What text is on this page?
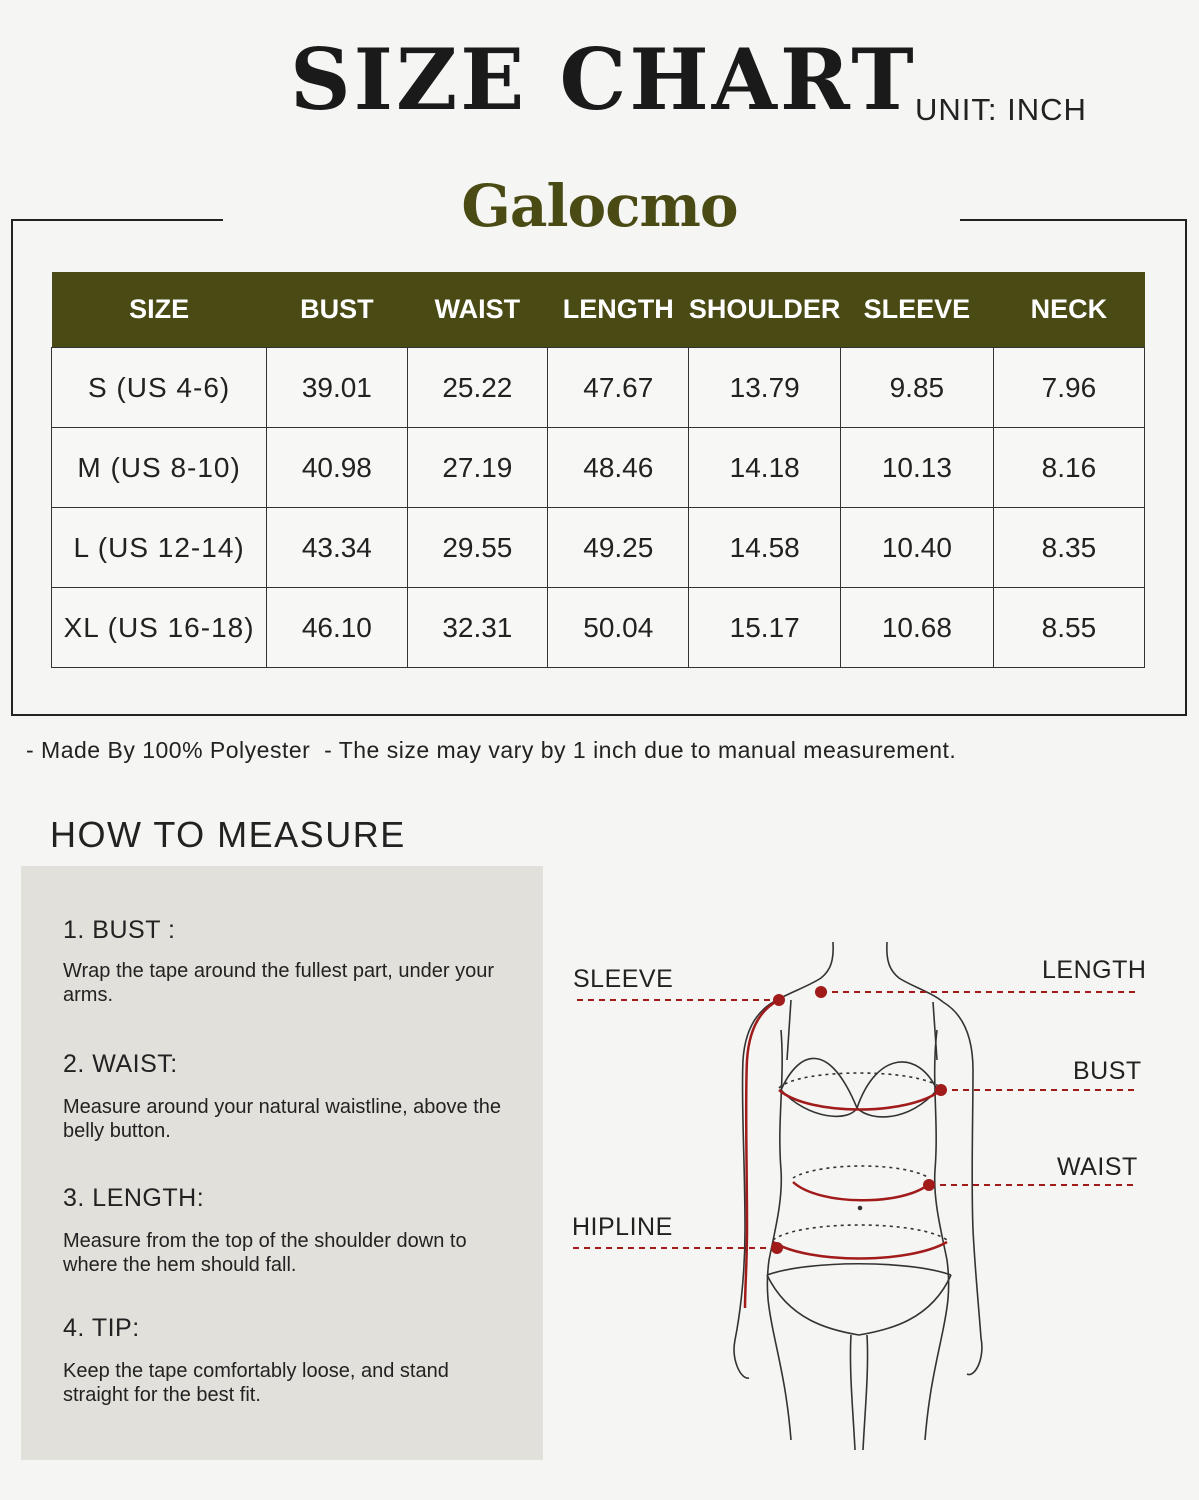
SIZE CHART
UNIT: INCH
Galocmo
SIZE	BUST	WAIST	LENGTH	SHOULDER	SLEEVE	NECK
S (US 4-6)	39.01	25.22	47.67	13.79	9.85	7.96
M (US 8-10)	40.98	27.19	48.46	14.18	10.13	8.16
L (US 12-14)	43.34	29.55	49.25	14.58	10.40	8.35
XL (US 16-18)	46.10	32.31	50.04	15.17	10.68	8.55
- Made By 100% Polyester  - The size may vary by 1 inch due to manual measurement.
HOW TO MEASURE
1. BUST :
Wrap the tape around the fullest part, under your arms.
2. WAIST:
Measure around your natural waistline, above the belly button.
3. LENGTH:
Measure from the top of the shoulder down to where the hem should fall.
4. TIP:
Keep the tape comfortably loose, and stand straight for the best fit.
SLEEVE	LENGTH
BUST
WAIST
HIPLINE
